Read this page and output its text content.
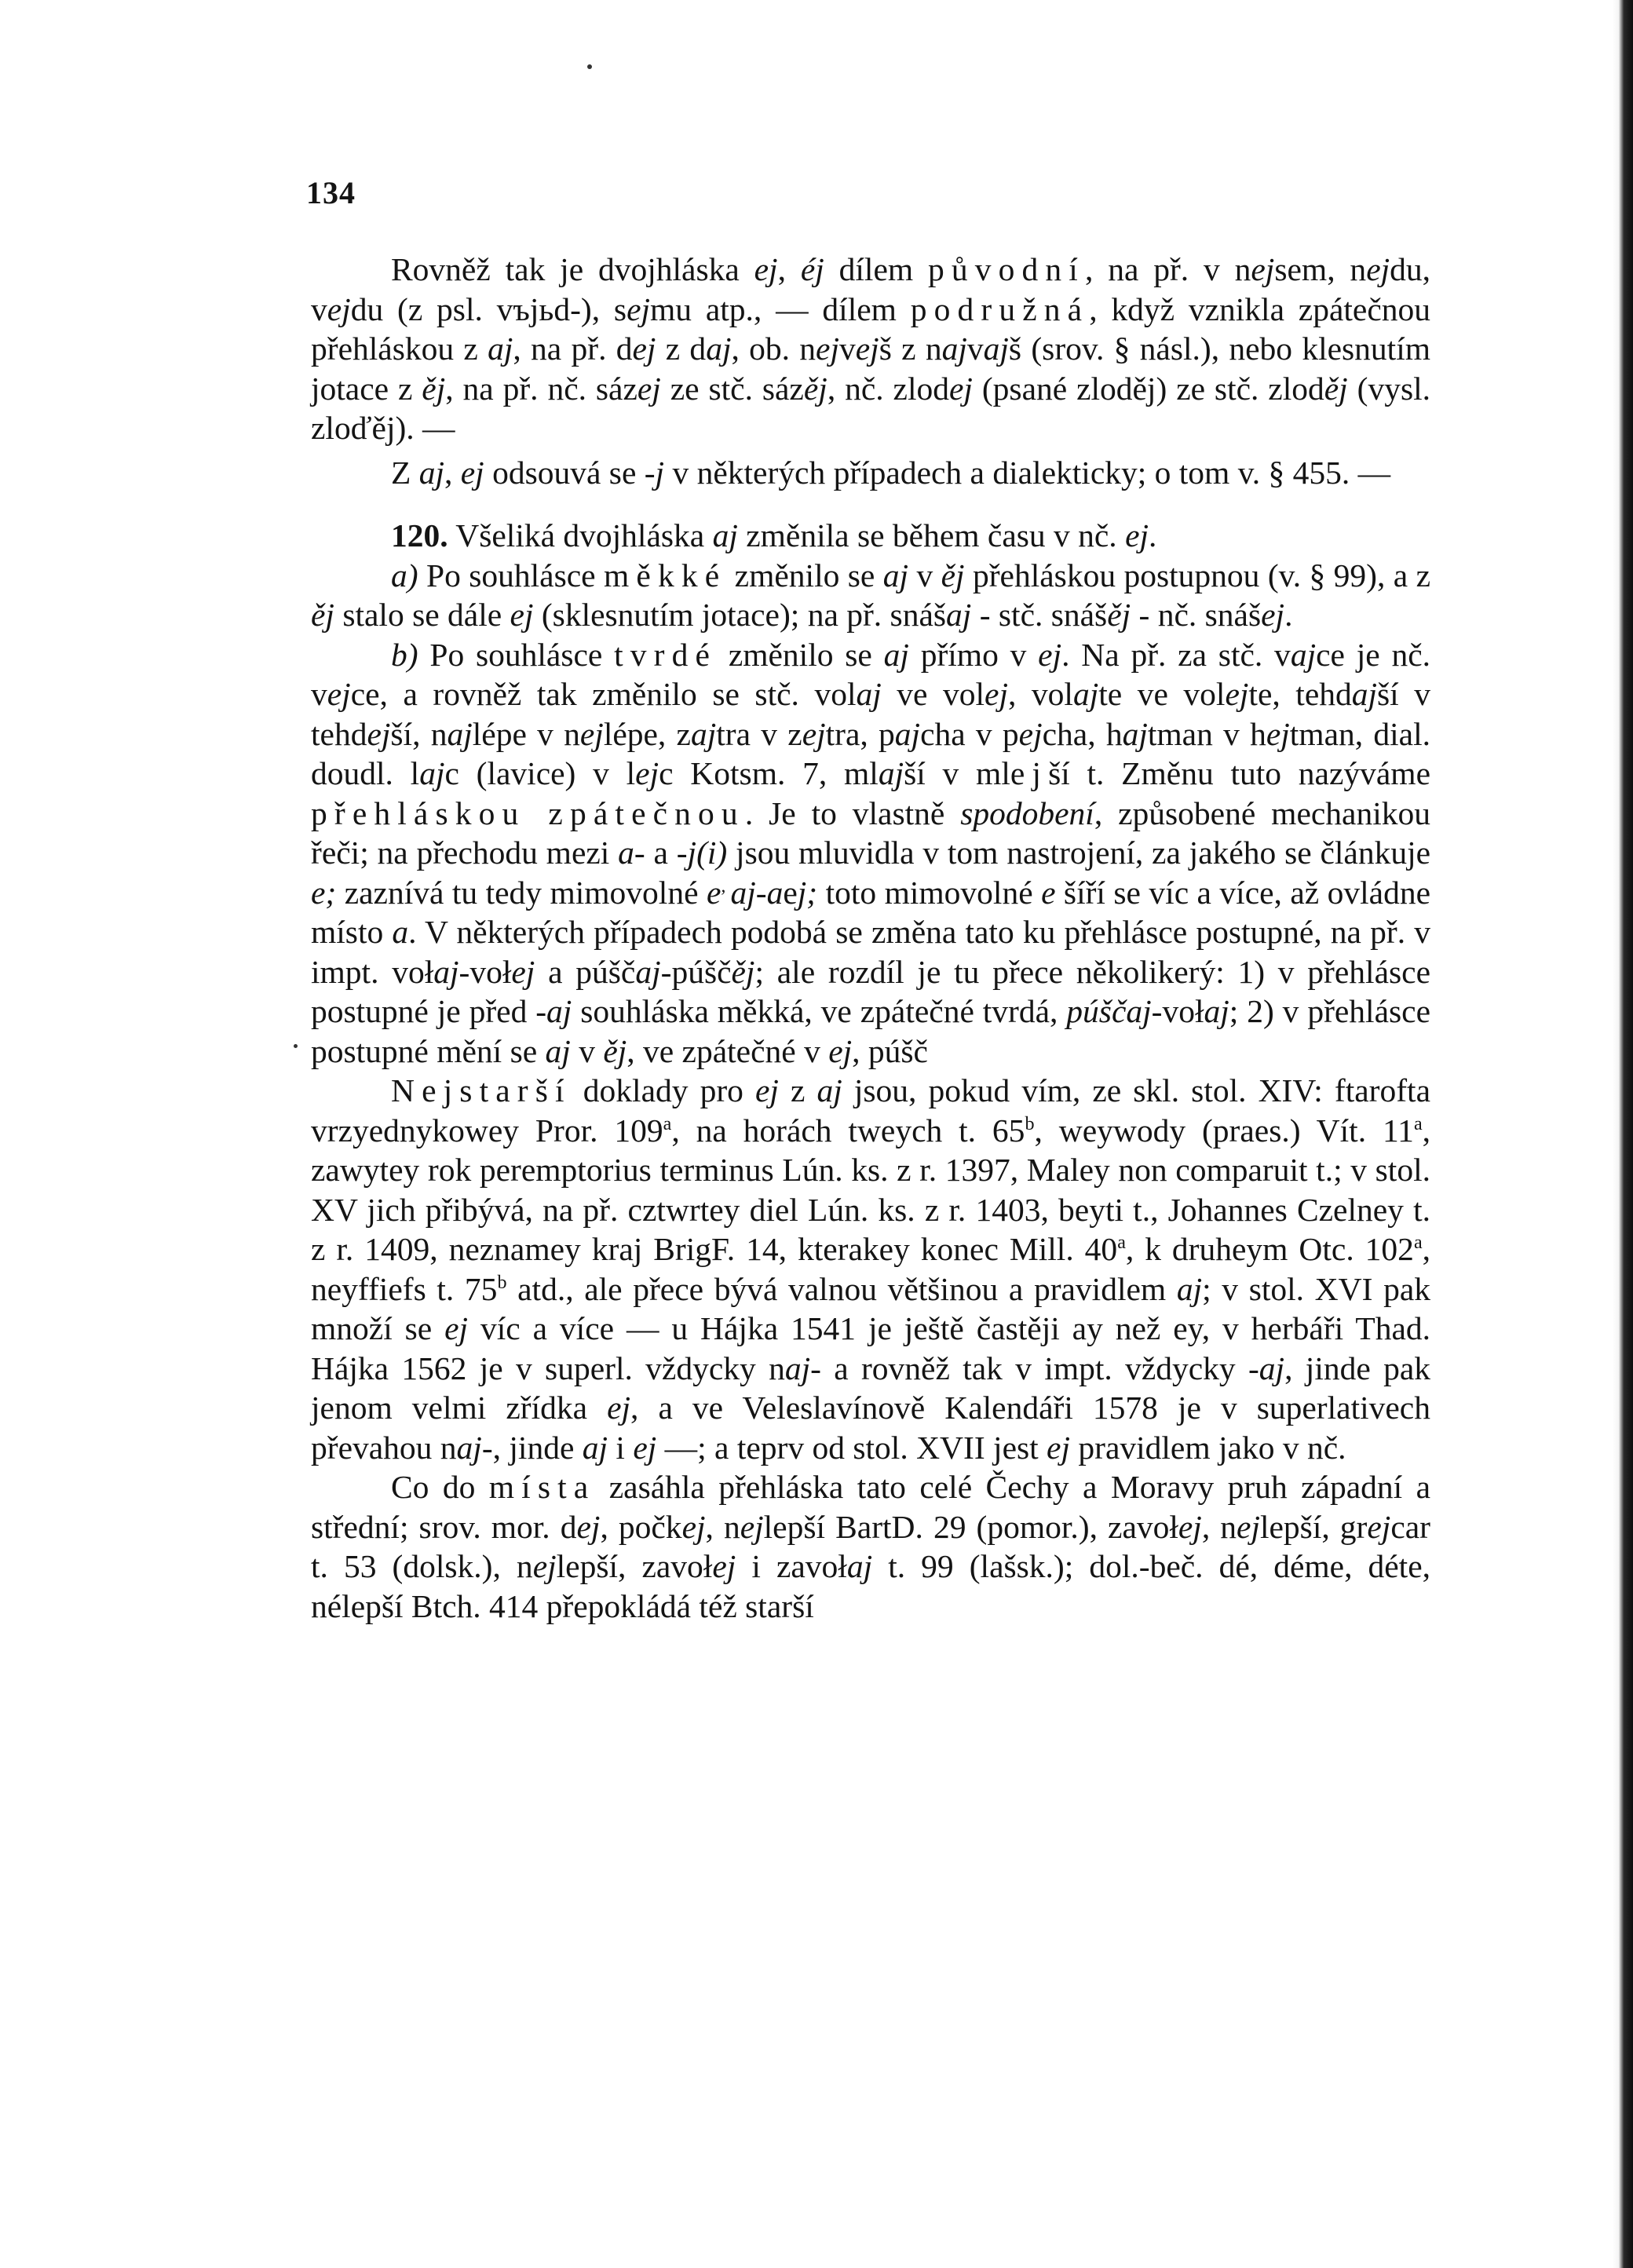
134

Rovněž tak je dvojhláska ej, éj dílem původní, na př. v nejsem, nejdu, vejdu (z psl. vъjьd-), sejmu atp., — dílem podružná, když vznikla zpátečnou přehláskou z aj, na př. dej z daj, ob. nejvejš z najvajš (srov. § násl.), nebo klesnutím jotace z ěj, na př. nč. sázej ze stč. sázěj, nč. zlodej (psané zloděj) ze stč. zloděj (vysl. zloďěj). —

Z aj, ej odsouvá se -j v některých případech a dialekticky; o tom v. § 455. —

120. Všeliká dvojhláska aj změnila se během času v nč. ej.

a) Po souhlásce měkké změnilo se aj v ěj přehláskou postupnou (v. § 99), a z ěj stalo se dále ej (sklesnutím jotace); na př. snášaj - stč. snášěj - nč. snášej.

b) Po souhlásce tvrdé změnilo se aj přímo v ej. Na př. za stč. vajce je nč. vejce, a rovněž tak změnilo se stč. volaj ve volej, volajte ve volejte, tehdajší v tehdejší, najlépe v nejlépe, zajtra v zejtra, pajcha v pejcha, hajtman v hejtman, dial. doudl. lajc (lavice) v lejc Kotsm. 7, mlajší v mlejší t. Změnu tuto nazýváme přehláskou zpátečnou. Je to vlastně spodobení, způsobené mechanikou řeči; na přechodu mezi a- a -j(i) jsou mluvidla v tom nastrojení, za jakého se článkuje e; zaznívá tu tedy mimovolné e, aj-aej; toto mimovolné e šíří se víc a více, až ovládne místo a. V některých případech podobá se změna tato ku přehlásce postupné, na př. v impt. vołaj-vołej a púščaj-púščěj; ale rozdíl je tu přece několikerý: 1) v přehlásce postupné je před -aj souhláska měkká, ve zpátečné tvrdá, púščaj-vołaj; 2) v přehlásce postupné mění se aj v ěj, ve zpátečné v ej, púšč

Nejstarší doklady pro ej z aj jsou, pokud vím, ze skl. stol. XIV: ftarofta vrzyednykowey Pror. 109$^a$, na horách tweych t. 65$^b$, weywody (praes.) Vít. 11$^a$, zawytey rok peremptorius terminus Lún. ks. z r. 1397, Maley non comparuit t.; v stol. XV jich přibývá, na př. cztwrtey diel Lún. ks. z r. 1403, beyti t., Johannes Czelney t. z r. 1409, neznamey kraj BrigF. 14, kterakey konec Mill. 40$^a$, k druheym Otc. 102$^a$, neyffiefs t. 75$^b$ atd., ale přece bývá valnou většinou a pravidlem aj; v stol. XVI pak množí se ej víc a více — u Hájka 1541 je ještě častěji ay než ey, v herbáři Thad. Hájka 1562 je v superl. vždycky naj- a rovněž tak v impt. vždycky -aj, jinde pak jenom velmi zřídka ej, a ve Veleslavínově Kalendáři 1578 je v superlativech převahou naj-, jinde aj i ej —; a teprv od stol. XVII jest ej pravidlem jako v nč.

Co do místa zasáhla přehláska tato celé Čechy a Moravy pruh západní a střední; srov. mor. dej, počkej, nejlepší BartD. 29 (pomor.), zavołej, nejlepší, grejcar t. 53 (dolsk.), nejlepší, zavołej i zavołaj t. 99 (lašsk.); dol.-beč. dé, déme, déte, nélepší Btch. 414 přepokládá též starší
